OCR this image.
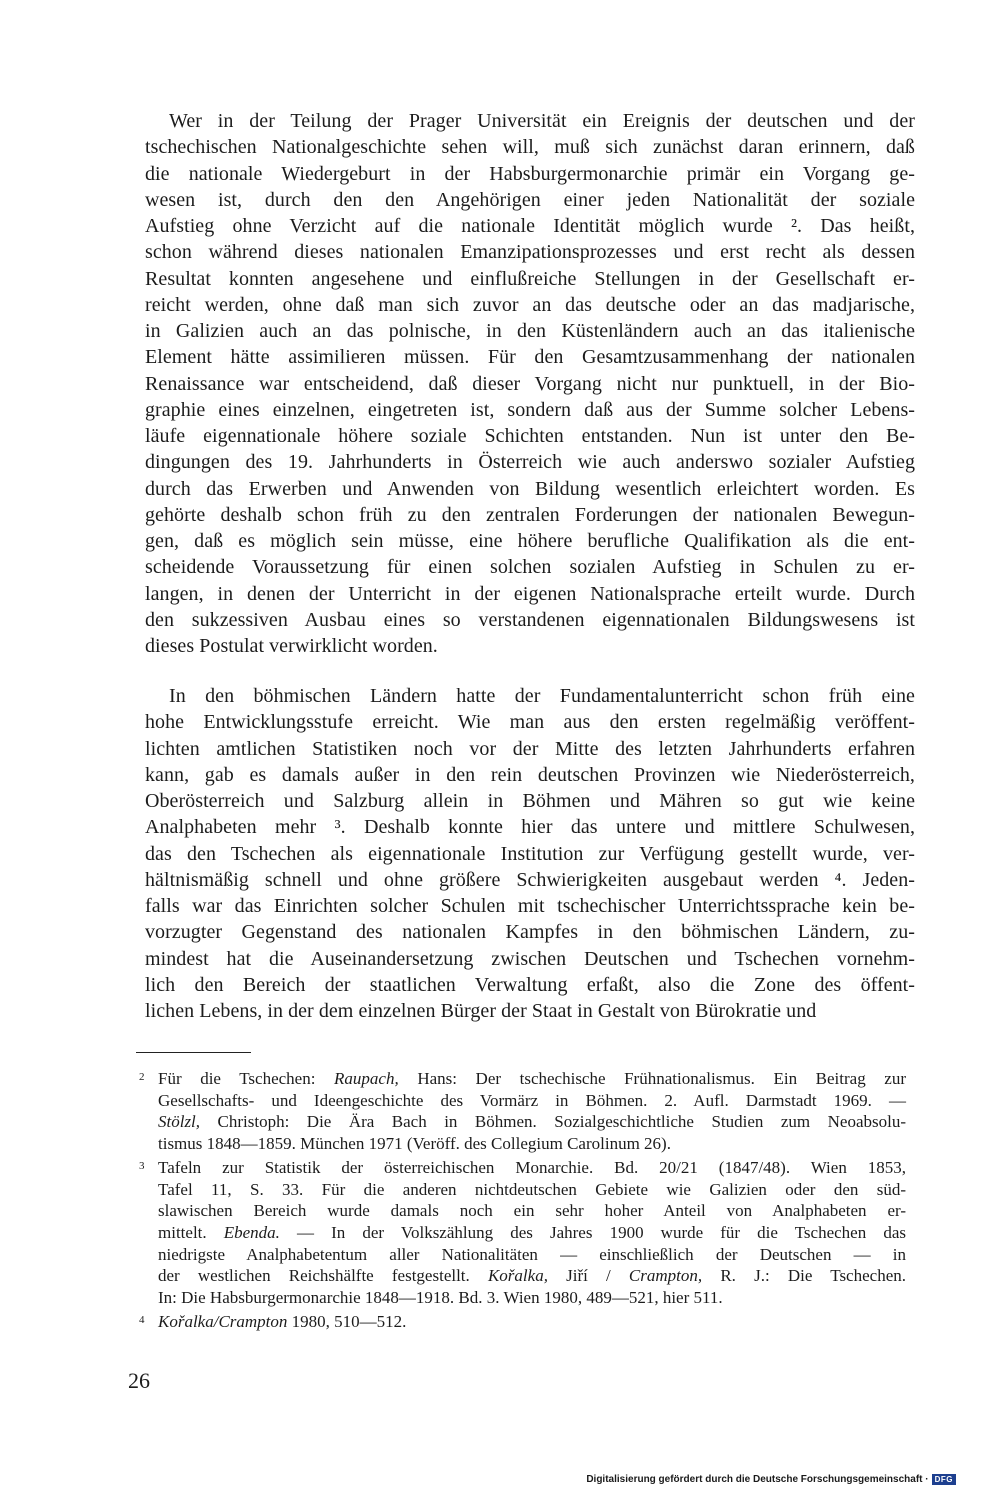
Wer in der Teilung der Prager Universität ein Ereignis der deutschen und der
tschechischen Nationalgeschichte sehen will, muß sich zunächst daran erinnern, daß
die nationale Wiedergeburt in der Habsburgermonarchie primär ein Vorgang ge-
wesen ist, durch den den Angehörigen einer jeden Nationalität der soziale
Aufstieg ohne Verzicht auf die nationale Identität möglich wurde ². Das heißt,
schon während dieses nationalen Emanzipationsprozesses und erst recht als dessen
Resultat konnten angesehene und einflußreiche Stellungen in der Gesellschaft er-
reicht werden, ohne daß man sich zuvor an das deutsche oder an das madjarische,
in Galizien auch an das polnische, in den Küstenländern auch an das italienische
Element hätte assimilieren müssen. Für den Gesamtzusammenhang der nationalen
Renaissance war entscheidend, daß dieser Vorgang nicht nur punktuell, in der Bio-
graphie eines einzelnen, eingetreten ist, sondern daß aus der Summe solcher Lebens-
läufe eigennationale höhere soziale Schichten entstanden. Nun ist unter den Be-
dingungen des 19. Jahrhunderts in Österreich wie auch anderswo sozialer Aufstieg
durch das Erwerben und Anwenden von Bildung wesentlich erleichtert worden. Es
gehörte deshalb schon früh zu den zentralen Forderungen der nationalen Bewegun-
gen, daß es möglich sein müsse, eine höhere berufliche Qualifikation als die ent-
scheidende Voraussetzung für einen solchen sozialen Aufstieg in Schulen zu er-
langen, in denen der Unterricht in der eigenen Nationalsprache erteilt wurde. Durch
den sukzessiven Ausbau eines so verstandenen eigennationalen Bildungswesens ist
dieses Postulat verwirklicht worden.
In den böhmischen Ländern hatte der Fundamentalunterricht schon früh eine
hohe Entwicklungsstufe erreicht. Wie man aus den ersten regelmäßig veröffent-
lichten amtlichen Statistiken noch vor der Mitte des letzten Jahrhunderts erfahren
kann, gab es damals außer in den rein deutschen Provinzen wie Niederösterreich,
Oberösterreich und Salzburg allein in Böhmen und Mähren so gut wie keine
Analphabeten mehr ³. Deshalb konnte hier das untere und mittlere Schulwesen,
das den Tschechen als eigennationale Institution zur Verfügung gestellt wurde, ver-
hältnismäßig schnell und ohne größere Schwierigkeiten ausgebaut werden ⁴. Jeden-
falls war das Einrichten solcher Schulen mit tschechischer Unterrichtssprache kein be-
vorzugter Gegenstand des nationalen Kampfes in den böhmischen Ländern, zu-
mindest hat die Auseinandersetzung zwischen Deutschen und Tschechen vornehm-
lich den Bereich der staatlichen Verwaltung erfaßt, also die Zone des öffent-
lichen Lebens, in der dem einzelnen Bürger der Staat in Gestalt von Bürokratie und
2 Für die Tschechen: Raupach, Hans: Der tschechische Frühnationalismus. Ein Beitrag zur
Gesellschafts- und Ideengeschichte des Vormärz in Böhmen. 2. Aufl. Darmstadt 1969. —
Stölzl, Christoph: Die Ära Bach in Böhmen. Sozialgeschichtliche Studien zum Neoabsolu-
tismus 1848—1859. München 1971 (Veröff. des Collegium Carolinum 26).
3 Tafeln zur Statistik der österreichischen Monarchie. Bd. 20/21 (1847/48). Wien 1853,
Tafel 11, S. 33. Für die anderen nichtdeutschen Gebiete wie Galizien oder den süd-
slawischen Bereich wurde damals noch ein sehr hoher Anteil von Analphabeten er-
mittelt. Ebenda. — In der Volkszählung des Jahres 1900 wurde für die Tschechen das
niedrigste Analphabetentum aller Nationalitäten — einschließlich der Deutschen — in
der westlichen Reichshälfte festgestellt. Kořalka, Jiří / Crampton, R. J.: Die Tschechen.
In: Die Habsburgermonarchie 1848—1918. Bd. 3. Wien 1980, 489—521, hier 511.
4 Kořalka/Crampton 1980, 510—512.
26
Digitalisierung gefördert durch die Deutsche Forschungsgemeinschaft · DFG
